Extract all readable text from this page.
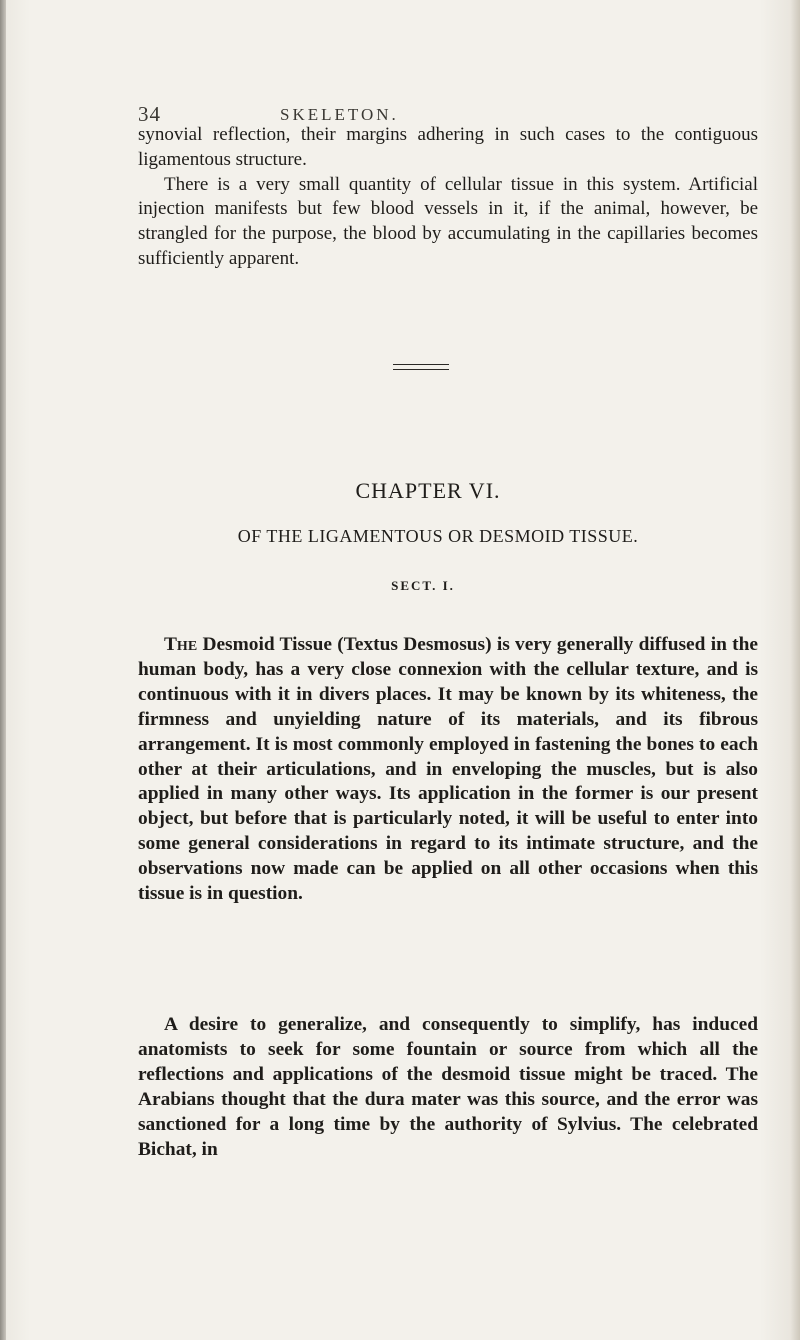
34	SKELETON.

synovial reflection, their margins adhering in such cases to the contiguous ligamentous structure.

There is a very small quantity of cellular tissue in this system. Artificial injection manifests but few blood vessels in it, if the animal, however, be strangled for the purpose, the blood by accumulating in the capillaries becomes sufficiently apparent.

CHAPTER VI.
OF THE LIGAMENTOUS OR DESMOID TISSUE.
SECT. I.

The Desmoid Tissue (Textus Desmosus) is very generally diffused in the human body, has a very close connexion with the cellular texture, and is continuous with it in divers places. It may be known by its whiteness, the firmness and unyielding nature of its materials, and its fibrous arrangement. It is most commonly employed in fastening the bones to each other at their articulations, and in enveloping the muscles, but is also applied in many other ways. Its application in the former is our present object, but before that is particularly noted, it will be useful to enter into some general considerations in regard to its intimate structure, and the observations now made can be applied on all other occasions when this tissue is in question.

A desire to generalize, and consequently to simplify, has induced anatomists to seek for some fountain or source from which all the reflections and applications of the desmoid tissue might be traced. The Arabians thought that the dura mater was this source, and the error was sanctioned for a long time by the authority of Sylvius. The celebrated Bichat, in
